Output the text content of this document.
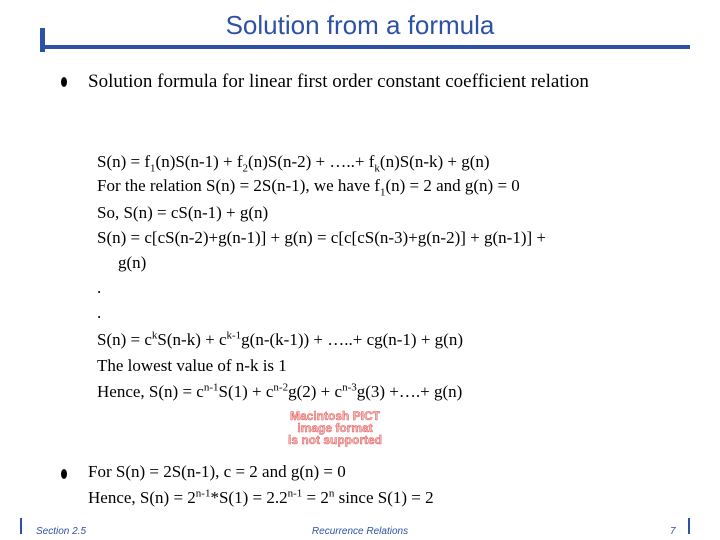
Solution from a formula
Solution formula for linear first order constant coefficient relation
$S(n) = f_1(n)S(n-1) + f_2(n)S(n-2)$ + …..+ $f_k(n)S(n-k) + g(n)$
For the relation S(n) = 2S(n-1), we have $f_1(n) = 2$ and g(n) = 0
So, S(n) = cS(n-1) + g(n)
S(n) = c[cS(n-2)+g(n-1)] + g(n) = c[c[cS(n-3)+g(n-2)] + g(n-1)] +
g(n)
.
.
$S(n) = c^kS(n-k) + c^{k-1}g(n-(k-1))$ + …..+ cg(n-1) + g(n)
The lowest value of n-k is 1
Hence, $S(n) = c^{n-1}S(1) + c^{n-2}g(2) + c^{n-3}g(3)$ +….+ g(n)
Macintosh PICT
image format
is not supported
For S(n) = 2S(n-1), c = 2 and g(n) = 0
Hence, $S(n) = 2^{n-1}*S(1) = 2.2^{n-1} = 2^n$ since S(1) = 2
Section 2.5	Recurrence Relations	7
